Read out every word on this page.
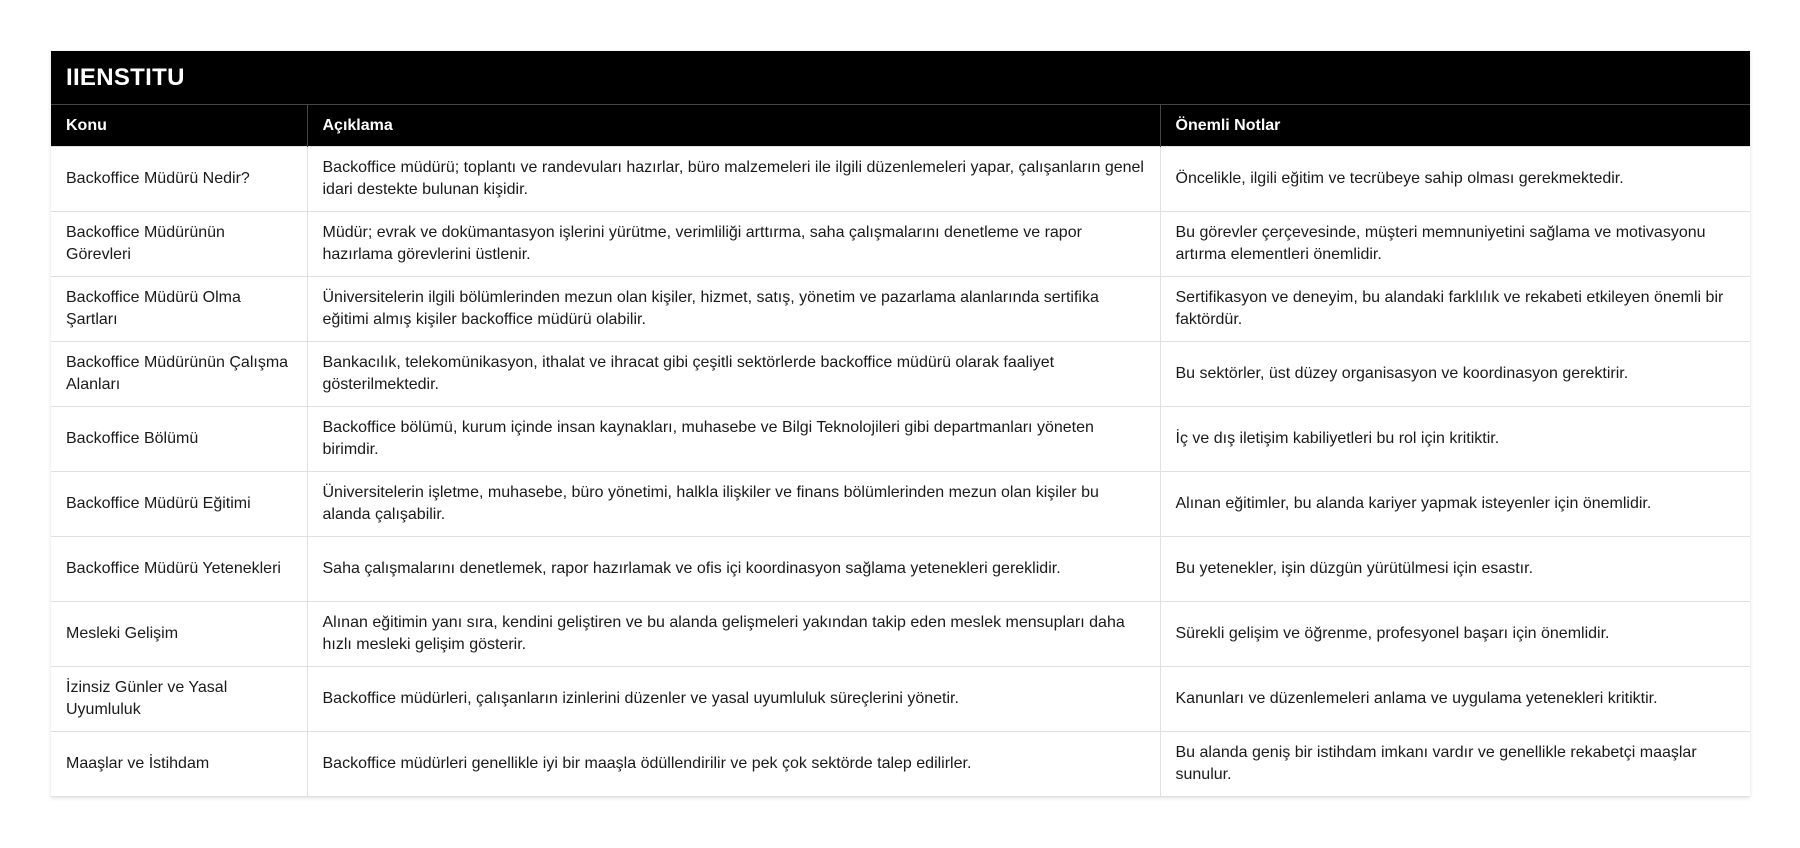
IIENSTITU
Konu	Açıklama	Önemli Notlar
Backoffice Müdürü Nedir?	Backoffice müdürü; toplantı ve randevuları hazırlar, büro malzemeleri ile ilgili düzenlemeleri yapar, çalışanların genel idari destekte bulunan kişidir.	Öncelikle, ilgili eğitim ve tecrübeye sahip olması gerekmektedir.
Backoffice Müdürünün Görevleri	Müdür; evrak ve dokümantasyon işlerini yürütme, verimliliği arttırma, saha çalışmalarını denetleme ve rapor hazırlama görevlerini üstlenir.	Bu görevler çerçevesinde, müşteri memnuniyetini sağlama ve motivasyonu artırma elementleri önemlidir.
Backoffice Müdürü Olma Şartları	Üniversitelerin ilgili bölümlerinden mezun olan kişiler, hizmet, satış, yönetim ve pazarlama alanlarında sertifika eğitimi almış kişiler backoffice müdürü olabilir.	Sertifikasyon ve deneyim, bu alandaki farklılık ve rekabeti etkileyen önemli bir faktördür.
Backoffice Müdürünün Çalışma Alanları	Bankacılık, telekomünikasyon, ithalat ve ihracat gibi çeşitli sektörlerde backoffice müdürü olarak faaliyet gösterilmektedir.	Bu sektörler, üst düzey organisasyon ve koordinasyon gerektirir.
Backoffice Bölümü	Backoffice bölümü, kurum içinde insan kaynakları, muhasebe ve Bilgi Teknolojileri gibi departmanları yöneten birimdir.	İç ve dış iletişim kabiliyetleri bu rol için kritiktir.
Backoffice Müdürü Eğitimi	Üniversitelerin işletme, muhasebe, büro yönetimi, halkla ilişkiler ve finans bölümlerinden mezun olan kişiler bu alanda çalışabilir.	Alınan eğitimler, bu alanda kariyer yapmak isteyenler için önemlidir.
Backoffice Müdürü Yetenekleri	Saha çalışmalarını denetlemek, rapor hazırlamak ve ofis içi koordinasyon sağlama yetenekleri gereklidir.	Bu yetenekler, işin düzgün yürütülmesi için esastır.
Mesleki Gelişim	Alınan eğitimin yanı sıra, kendini geliştiren ve bu alanda gelişmeleri yakından takip eden meslek mensupları daha hızlı mesleki gelişim gösterir.	Sürekli gelişim ve öğrenme, profesyonel başarı için önemlidir.
İzinsiz Günler ve Yasal Uyumluluk	Backoffice müdürleri, çalışanların izinlerini düzenler ve yasal uyumluluk süreçlerini yönetir.	Kanunları ve düzenlemeleri anlama ve uygulama yetenekleri kritiktir.
Maaşlar ve İstihdam	Backoffice müdürleri genellikle iyi bir maaşla ödüllendirilir ve pek çok sektörde talep edilirler.	Bu alanda geniş bir istihdam imkanı vardır ve genellikle rekabetçi maaşlar sunulur.
